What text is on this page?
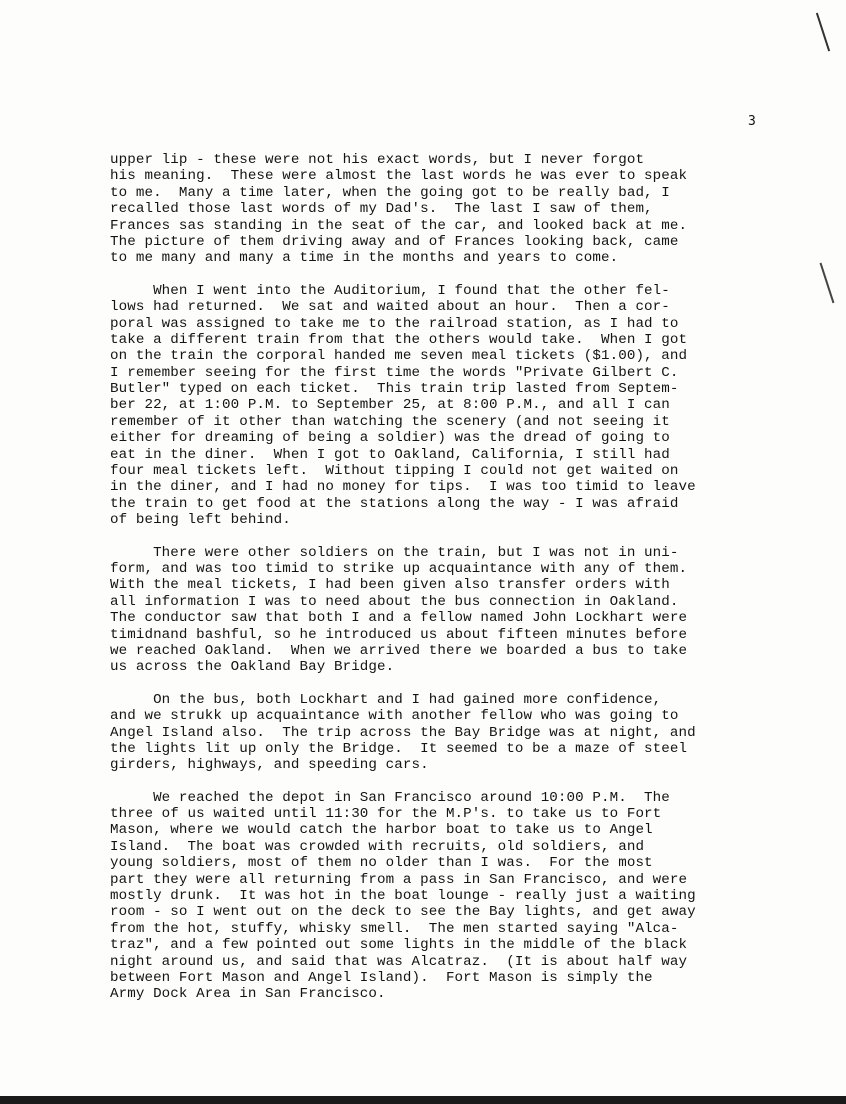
3
upper lip - these were not his exact words, but I never forgot
his meaning.  These were almost the last words he was ever to speak
to me.  Many a time later, when the going got to be really bad, I
recalled those last words of my Dad's.  The last I saw of them,
Frances sas standing in the seat of the car, and looked back at me.
The picture of them driving away and of Frances looking back, came
to me many and many a time in the months and years to come.
When I went into the Auditorium, I found that the other fel-
lows had returned.  We sat and waited about an hour.  Then a cor-
poral was assigned to take me to the railroad station, as I had to
take a different train from that the others would take.  When I got
on the train the corporal handed me seven meal tickets ($1.00), and
I remember seeing for the first time the words "Private Gilbert C.
Butler" typed on each ticket.  This train trip lasted from Septem-
ber 22, at 1:00 P.M. to September 25, at 8:00 P.M., and all I can
remember of it other than watching the scenery (and not seeing it
either for dreaming of being a soldier) was the dread of going to
eat in the diner.  When I got to Oakland, California, I still had
four meal tickets left.  Without tipping I could not get waited on
in the diner, and I had no money for tips.  I was too timid to leave
the train to get food at the stations along the way - I was afraid
of being left behind.
There were other soldiers on the train, but I was not in uni-
form, and was too timid to strike up acquaintance with any of them.
With the meal tickets, I had been given also transfer orders with
all information I was to need about the bus connection in Oakland.
The conductor saw that both I and a fellow named John Lockhart were
timidnand bashful, so he introduced us about fifteen minutes before
we reached Oakland.  When we arrived there we boarded a bus to take
us across the Oakland Bay Bridge.
On the bus, both Lockhart and I had gained more confidence,
and we strukk up acquaintance with another fellow who was going to
Angel Island also.  The trip across the Bay Bridge was at night, and
the lights lit up only the Bridge.  It seemed to be a maze of steel
girders, highways, and speeding cars.
We reached the depot in San Francisco around 10:00 P.M.  The
three of us waited until 11:30 for the M.P's. to take us to Fort
Mason, where we would catch the harbor boat to take us to Angel
Island.  The boat was crowded with recruits, old soldiers, and
young soldiers, most of them no older than I was.  For the most
part they were all returning from a pass in San Francisco, and were
mostly drunk.  It was hot in the boat lounge - really just a waiting
room - so I went out on the deck to see the Bay lights, and get away
from the hot, stuffy, whisky smell.  The men started saying "Alca-
traz", and a few pointed out some lights in the middle of the black
night around us, and said that was Alcatraz.  (It is about half way
between Fort Mason and Angel Island).  Fort Mason is simply the
Army Dock Area in San Francisco.
